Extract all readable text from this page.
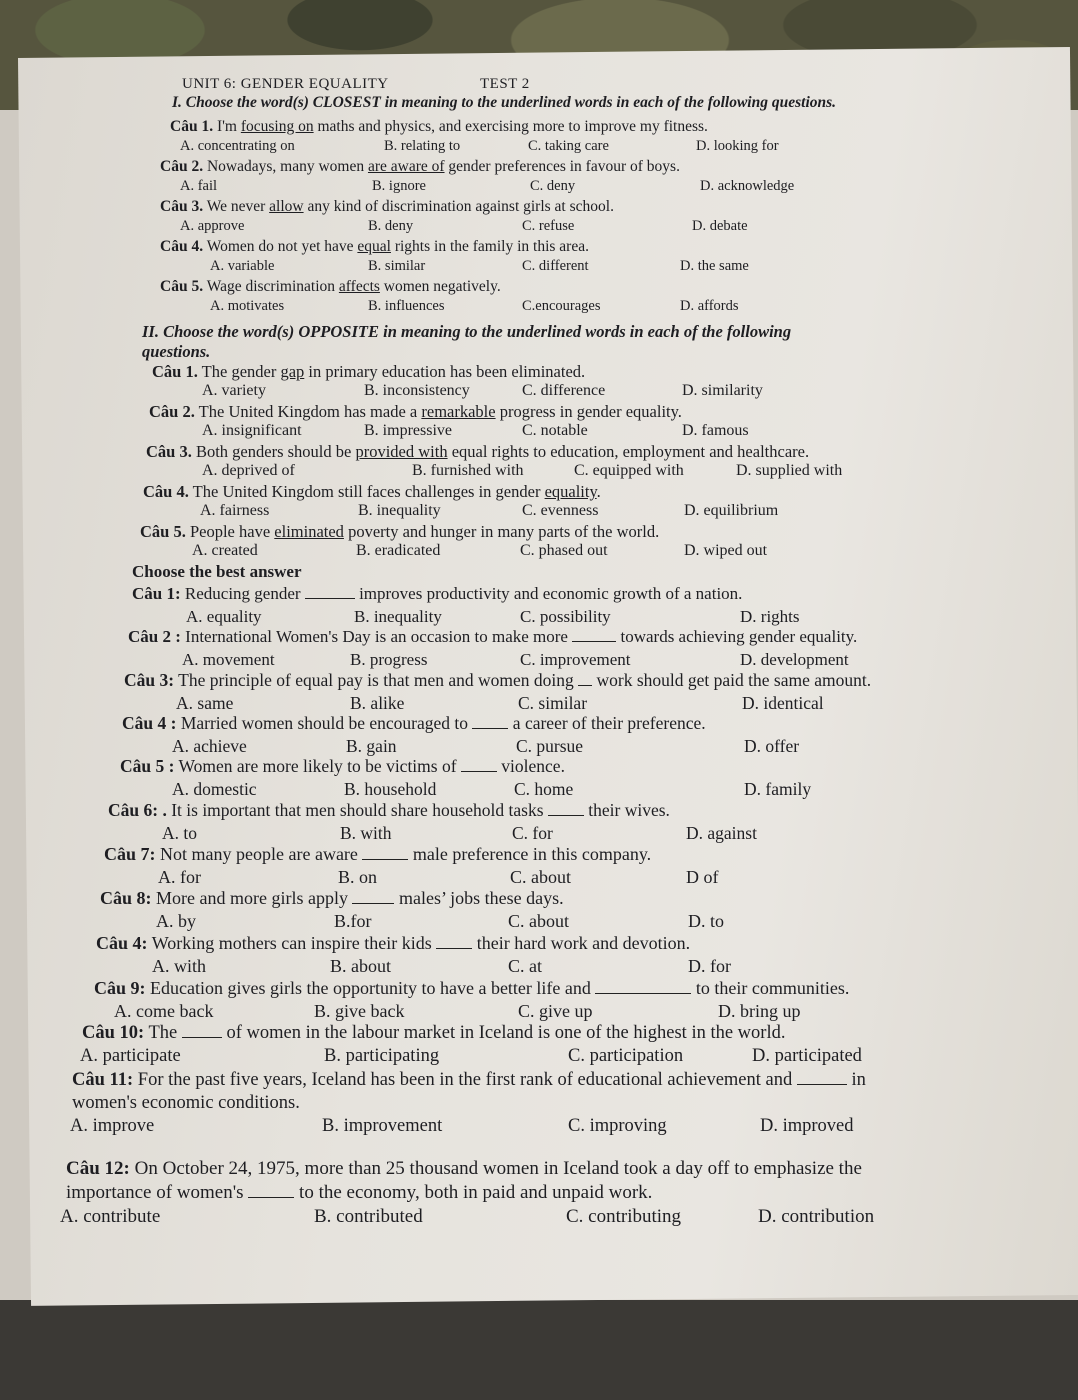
UNIT 6: GENDER EQUALITY	TEST 2
I. Choose the word(s) CLOSEST in meaning to the underlined words in each of the following questions.
Câu 1. I'm focusing on maths and physics, and exercising more to improve my fitness.
A. concentrating on	B. relating to	C. taking care	D. looking for
Câu 2. Nowadays, many women are aware of gender preferences in favour of boys.
A. fail	B. ignore	C. deny	D. acknowledge
Câu 3. We never allow any kind of discrimination against girls at school.
A. approve	B. deny	C. refuse	D. debate
Câu 4. Women do not yet have equal rights in the family in this area.
A. variable	B. similar	C. different	D. the same
Câu 5. Wage discrimination affects women negatively.
A. motivates	B. influences	C.encourages	D. affords
II. Choose the word(s) OPPOSITE in meaning to the underlined words in each of the following
questions.
Câu 1. The gender gap in primary education has been eliminated.
A. variety	B. inconsistency	C. difference	D. similarity
Câu 2. The United Kingdom has made a remarkable progress in gender equality.
A. insignificant	B. impressive	C. notable	D. famous
Câu 3. Both genders should be provided with equal rights to education, employment and healthcare.
A. deprived of	B. furnished with	C. equipped with	D. supplied with
Câu 4. The United Kingdom still faces challenges in gender equality.
A. fairness	B. inequality	C. evenness	D. equilibrium
Câu 5. People have eliminated poverty and hunger in many parts of the world.
A. created	B. eradicated	C. phased out	D. wiped out
Choose the best answer
Câu 1: Reducing gender	improves productivity and economic growth of a nation.
A. equality	B. inequality	C. possibility	D. rights
Câu 2 : International Women's Day is an occasion to make more	towards achieving gender equality.
A. movement	B. progress	C. improvement	D. development
Câu 3: The principle of equal pay is that men and women doing  work should get paid the same amount.
A. same	B. alike	C. similar	D. identical
Câu 4 : Married women should be encouraged to  a career of their preference.
A. achieve	B. gain	C. pursue	D. offer
Câu 5 : Women are more likely to be victims of  violence.
A. domestic	B. household	C. home	D. family
Câu 6: . It is important that men should share household tasks  their wives.
A. to	B. with	C. for	D. against
Câu 7: Not many people are aware	male preference in this company.
A. for	B. on	C. about	D of
Câu 8: More and more girls apply  males’ jobs these days.
A. by	B.for	C. about	D. to
Câu 4: Working mothers can inspire their kids  their hard work and devotion.
A. with	B. about	C. at	D. for
Câu 9: Education gives girls the opportunity to have a better life and	to their communities.
A. come back	B. give back	C. give up	D. bring up
Câu 10: The  of women in the labour market in Iceland is one of the highest in the world.
A. participate	B. participating	C. participation	D. participated
Câu 11: For the past five years, Iceland has been in the first rank of educational achievement and	in
women's economic conditions.
A. improve	B. improvement	C. improving	D. improved
Câu 12: On October 24, 1975, more than 25 thousand women in Iceland took a day off to emphasize the
importance of women's  to the economy, both in paid and unpaid work.
A. contribute	B. contributed	C. contributing	D. contribution
